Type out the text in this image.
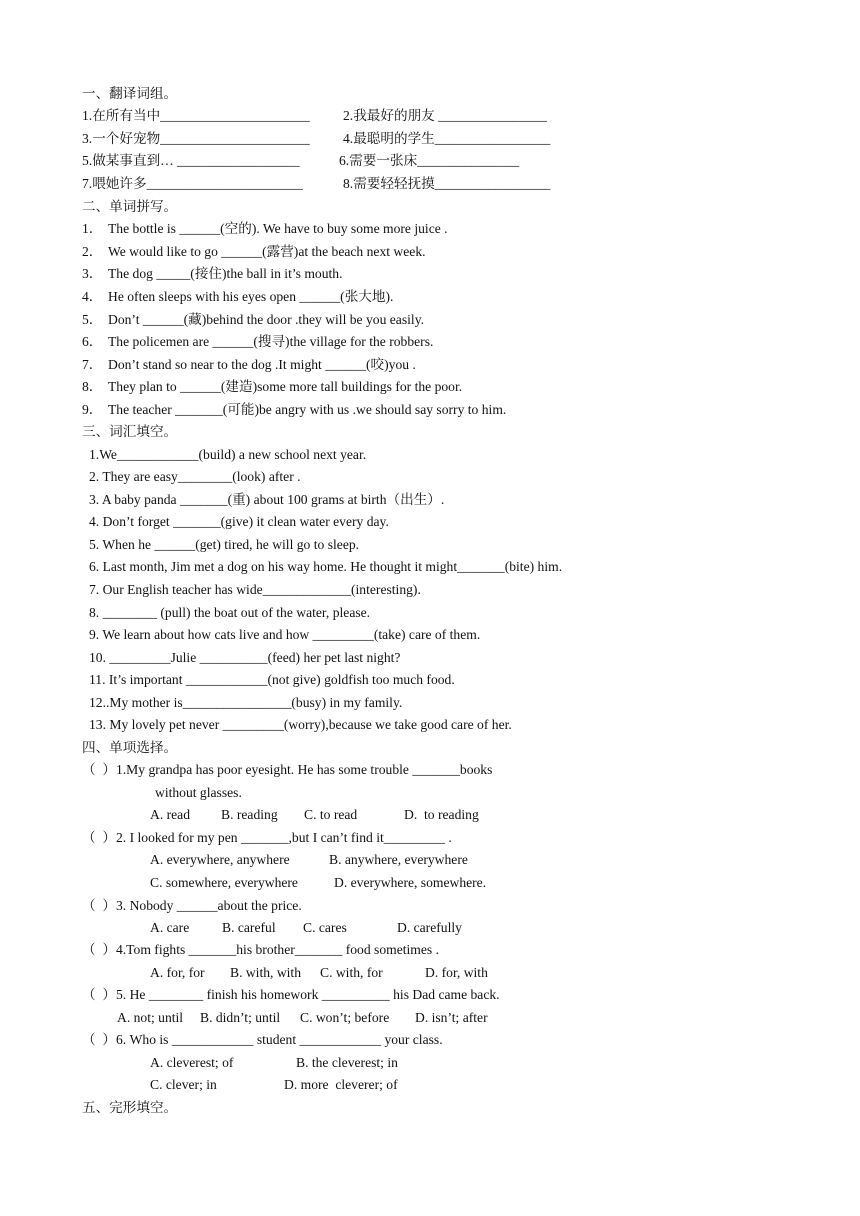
一、翻译词组。
1.在所有当中______________________ 2.我最好的朋友 ________________
3.一个好宠物______________________ 4.最聪明的学生_________________
5.做某事直到… __________________	6.需要一张床_______________
7.喂她许多_______________________	8.需要轻轻抚摸_________________
二、单词拼写。
1． The bottle is ______(空的). We have to buy some more juice .
2． We would like to go ______(露营)at the beach next week.
3． The dog _____(接住)the ball in it’s mouth.
4． He often sleeps with his eyes open ______(张大地).
5． Don’t ______(藏)behind the door .they will be you easily.
6． The policemen are ______(搜寻)the village for the robbers.
7． Don’t stand so near to the dog .It might ______(咬)you .
8． They plan to ______(建造)some more tall buildings for the poor.
9． The teacher _______(可能)be angry with us .we should say sorry to him.
三、词汇填空。
1.We____________(build) a new school next year.
2. They are easy________(look) after .
3. A baby panda _______(重) about 100 grams at birth（出生）.
4. Don’t forget _______(give) it clean water every day.
5. When he ______(get) tired, he will go to sleep.
6. Last month, Jim met a dog on his way home. He thought it might_______(bite) him.
7. Our English teacher has wide_____________(interesting).
8. ________ (pull) the boat out of the water, please.
9. We learn about how cats live and how _________(take) care of them.
10. _________Julie __________(feed) her pet last night?
11. It’s important ____________(not give) goldfish too much food.
12..My mother is________________(busy) in my family.
13. My lovely pet never _________(worry),because we take good care of her.
四、单项选择。
（  ）1.My grandpa has poor eyesight. He has some trouble _______books
without glasses.
A. read B. reading C. to read	D.  to reading
（  ）2. I looked for my pen _______,but I can’t find it_________ .
A. everywhere, anywhere	B. anywhere, everywhere
C. somewhere, everywhere	D. everywhere, somewhere.
（  ）3. Nobody ______about the price.
A. care B. careful C. cares	D. carefully
（  ）4.Tom fights _______his brother_______ food sometimes .
A. for, for B. with, with C. with, for	D. for, with
（  ）5. He ________ finish his homework __________ his Dad came back.
A. not; until B. didn’t; until C. won’t; before D. isn’t; after
（  ）6. Who is ____________ student ____________ your class.
A. cleverest; of	B. the cleverest; in
C. clever; in	D. more  cleverer; of
五、完形填空。
